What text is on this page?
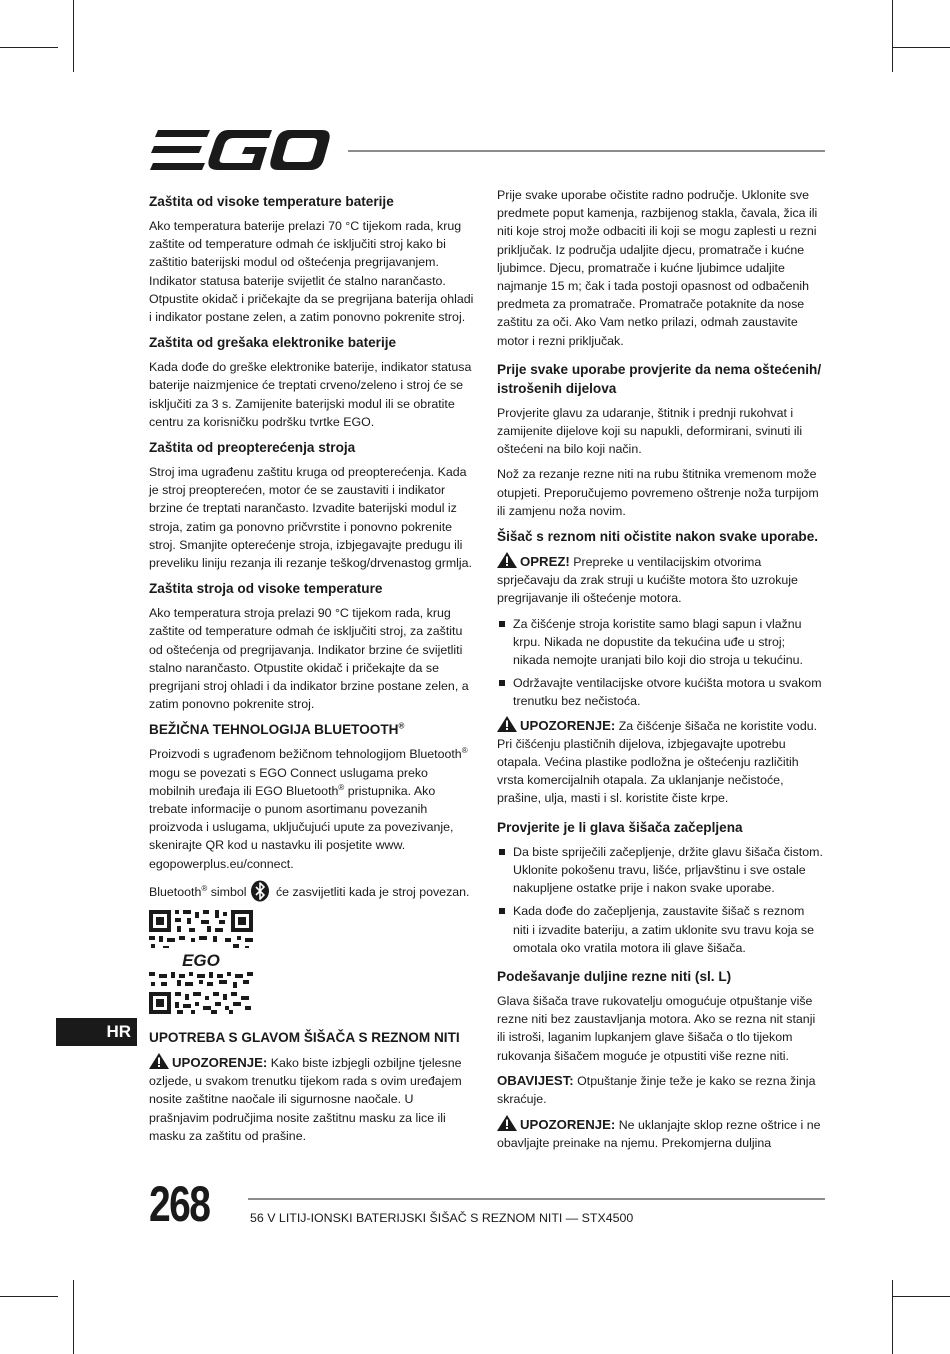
Zaštita od visoke temperature baterije

Ako temperatura baterije prelazi 70 °C tijekom rada, krug zaštite od temperature odmah će isključiti stroj kako bi zaštitio baterijski modul od oštećenja pregrijavanjem. Indikator statusa baterije svijetlit će stalno narančasto. Otpustite okidač i pričekajte da se pregrijana baterija ohladi i indikator postane zelen, a zatim ponovno pokrenite stroj.

Zaštita od grešaka elektronike baterije

Kada dođe do greške elektronike baterije, indikator statusa baterije naizmjenice će treptati crveno/zeleno i stroj će se isključiti za 3 s. Zamijenite baterijski modul ili se obratite centru za korisničku podršku tvrtke EGO.

Zaštita od preopterećenja stroja

Stroj ima ugrađenu zaštitu kruga od preopterećenja. Kada je stroj preopterećen, motor će se zaustaviti i indikator brzine će treptati narančasto. Izvadite baterijski modul iz stroja, zatim ga ponovno pričvrstite i ponovno pokrenite stroj. Smanjite opterećenje stroja, izbjegavajte predugu ili preveliku liniju rezanja ili rezanje teškog/drvenastog grmlja.

Zaštita stroja od visoke temperature

Ako temperatura stroja prelazi 90 °C tijekom rada, krug zaštite od temperature odmah će isključiti stroj, za zaštitu od oštećenja od pregrijavanja. Indikator brzine će svijetliti stalno narančasto. Otpustite okidač i pričekajte da se pregrijani stroj ohladi i da indikator brzine postane zelen, a zatim ponovno pokrenite stroj.

BEŽIČNA TEHNOLOGIJA BLUETOOTH®

Proizvodi s ugrađenom bežičnom tehnologijom Bluetooth® mogu se povezati s EGO Connect uslugama preko mobilnih uređaja ili EGO Bluetooth® pristupnika. Ako trebate informacije o punom asortimanu povezanih proizvoda i uslugama, uključujući upute za povezivanje, skenirajte QR kod u nastavku ili posjetite www. egopowerplus.eu/connect.

Bluetooth® simbol će zasvijetliti kada je stroj povezan.

EGO
UPOTREBA S GLAVOM ŠIŠAČA S REZNOM NITI

UPOZORENJE: Kako biste izbjegli ozbiljne tjelesne ozljede, u svakom trenutku tijekom rada s ovim uređajem nosite zaštitne naočale ili sigurnosne naočale. U prašnjavim područjima nosite zaštitnu masku za lice ili masku za zaštitu od prašine.

Prije svake uporabe očistite radno područje. Uklonite sve predmete poput kamenja, razbijenog stakla, čavala, žica ili niti koje stroj može odbaciti ili koji se mogu zaplesti u rezni priključak. Iz područja udaljite djecu, promatrače i kućne ljubimce. Djecu, promatrače i kućne ljubimce udaljite najmanje 15 m; čak i tada postoji opasnost od odbačenih predmeta za promatrače. Promatrače potaknite da nose zaštitu za oči. Ako Vam netko prilazi, odmah zaustavite motor i rezni priključak.

Prije svake uporabe provjerite da nema oštećenih/ istrošenih dijelova

Provjerite glavu za udaranje, štitnik i prednji rukohvat i zamijenite dijelove koji su napukli, deformirani, svinuti ili oštećeni na bilo koji način.

Nož za rezanje rezne niti na rubu štitnika vremenom može otupjeti. Preporučujemo povremeno oštrenje noža turpijom ili zamjenu noža novim.

Šišač s reznom niti očistite nakon svake uporabe.

OPREZ! Prepreke u ventilacijskim otvorima sprječavaju da zrak struji u kućište motora što uzrokuje pregrijavanje ili oštećenje motora.

Za čišćenje stroja koristite samo blagi sapun i vlažnu krpu. Nikada ne dopustite da tekućina uđe u stroj; nikada nemojte uranjati bilo koji dio stroja u tekućinu.
Održavajte ventilacijske otvore kućišta motora u svakom trenutku bez nečistoća.

UPOZORENJE: Za čišćenje šišača ne koristite vodu. Pri čišćenju plastičnih dijelova, izbjegavajte upotrebu otapala. Većina plastike podložna je oštećenju različitih vrsta komercijalnih otapala. Za uklanjanje nečistoće, prašine, ulja, masti i sl. koristite čiste krpe.

Provjerite je li glava šišača začepljena
Da biste spriječili začepljenje, držite glavu šišača čistom. Uklonite pokošenu travu, lišće, prljavštinu i sve ostale nakupljene ostatke prije i nakon svake uporabe.
Kada dođe do začepljenja, zaustavite šišač s reznom niti i izvadite bateriju, a zatim uklonite svu travu koja se omotala oko vratila motora ili glave šišača.
Podešavanje duljine rezne niti (sl. L)

Glava šišača trave rukovatelju omogućuje otpuštanje više rezne niti bez zaustavljanja motora. Ako se rezna nit stanji ili istroši, laganim lupkanjem glave šišača o tlo tijekom rukovanja šišačem moguće je otpustiti više rezne niti.

OBAVIJEST: Otpuštanje žinje teže je kako se rezna žinja skraćuje.

UPOZORENJE: Ne uklanjajte sklop rezne oštrice i ne obavljajte preinake na njemu. Prekomjerna duljina

HR
268	56 V LITIJ-IONSKI BATERIJSKI ŠIŠAČ S REZNOM NITI — STX4500
